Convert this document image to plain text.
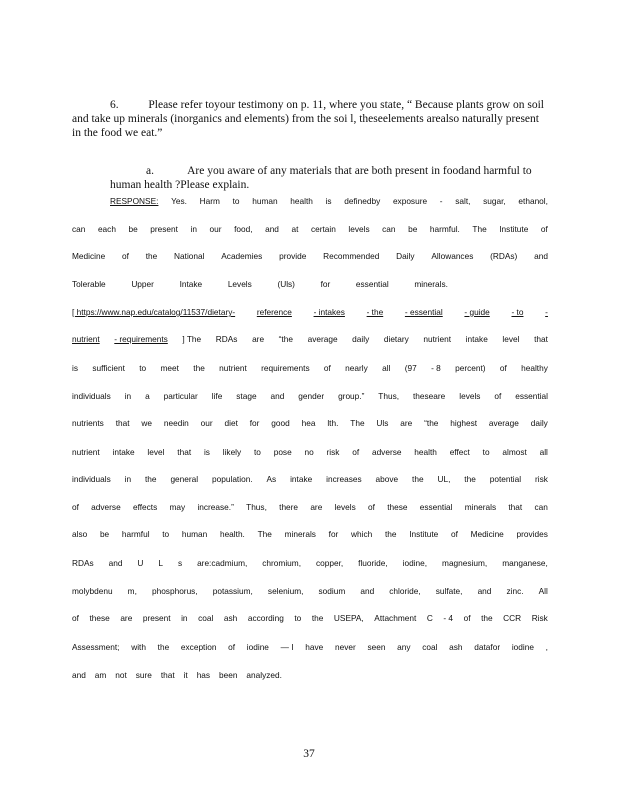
6.	Please refer toyour testimony on p. 11, where you state, “ Because plants grow on soil and take up minerals (inorganics and elements) from the soi l, theseelements arealso naturally present in the food we eat.”

a.	Are you aware of any materials that are both present in foodand harmful to human health ?Please explain.

RESPONSE: Yes. Harm to human health is definedby exposure - salt, sugar, ethanol,
can each be present in our food, and at certain levels can be harmful. The Institute of
Medicine of the National Academies provide Recommended Daily Allowances (RDAs) and
Tolerable	Upper	Intake	Levels	(Uls)	for	essential	minerals.
[ https://www.nap.edu/catalog/11537/dietary-	reference	- intakes	- the	- essential	- guide	- to	-
nutrient - requirements ] The RDAs are “the average daily dietary nutrient intake level that
is sufficient to meet the nutrient requirements of nearly all (97 - 8 percent) of healthy
individuals in a particular life stage and gender group.” Thus, theseare levels of essential
nutrients that we needin our diet for good hea lth. The Uls are “the highest average daily
nutrient intake level that is likely to pose no risk of adverse health effect to almost all
individuals in the general population. As intake increases above the UL, the potential risk
of adverse effects may increase.” Thus, there are levels of these essential minerals that can
also be harmful to human health. The minerals for which the Institute of Medicine provides
RDAs and U L s are:cadmium, chromium, copper, fluoride, iodine, magnesium, manganese,
molybdenu m, phosphorus, potassium, selenium, sodium and chloride, sulfate, and zinc. All
of these are present in coal ash according to the USEPA, Attachment C - 4 of the CCR Risk
Assessment; with the exception of iodine — I have never seen any coal ash datafor iodine ,
and am not sure that it has been analyzed.
37
